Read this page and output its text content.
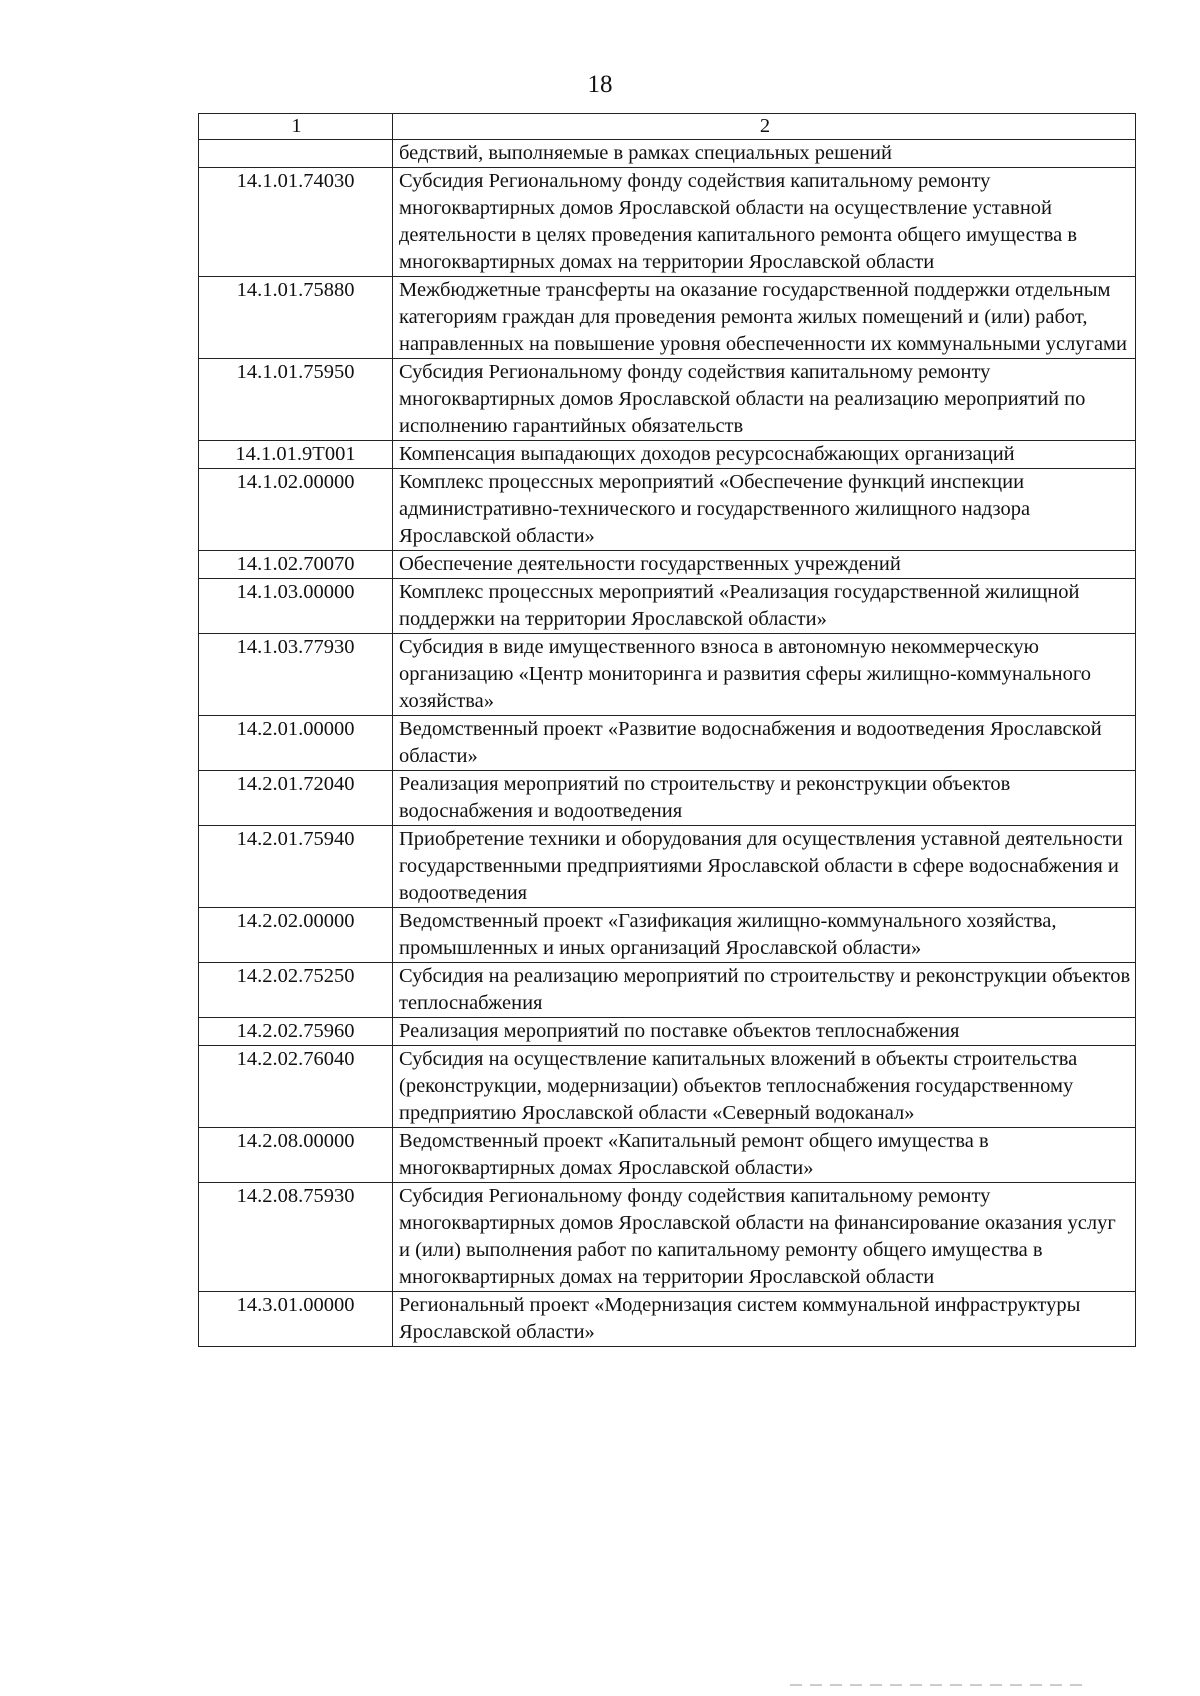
18
1	2
	бедствий, выполняемые в рамках специальных решений
14.1.01.74030	Субсидия Региональному фонду содействия капитальному ремонту многоквартирных домов Ярославской области на осуществление уставной деятельности в целях проведения капитального ремонта общего имущества в многоквартирных домах на территории Ярославской области
14.1.01.75880	Межбюджетные трансферты на оказание государственной поддержки отдельным категориям граждан для проведения ремонта жилых помещений и (или) работ, направленных на повышение уровня обеспеченности их коммунальными услугами
14.1.01.75950	Субсидия Региональному фонду содействия капитальному ремонту многоквартирных домов Ярославской области на реализацию мероприятий по исполнению гарантийных обязательств
14.1.01.9T001	Компенсация выпадающих доходов ресурсоснабжающих организаций
14.1.02.00000	Комплекс процессных мероприятий «Обеспечение функций инспекции административно-технического и государственного жилищного надзора Ярославской области»
14.1.02.70070	Обеспечение деятельности государственных учреждений
14.1.03.00000	Комплекс процессных мероприятий «Реализация государственной жилищной поддержки на территории Ярославской области»
14.1.03.77930	Субсидия в виде имущественного взноса в автономную некоммерческую организацию «Центр мониторинга и развития сферы жилищно-коммунального хозяйства»
14.2.01.00000	Ведомственный проект «Развитие водоснабжения и водоотведения Ярославской области»
14.2.01.72040	Реализация мероприятий по строительству и реконструкции объектов водоснабжения и водоотведения
14.2.01.75940	Приобретение техники и оборудования для осуществления уставной деятельности государственными предприятиями Ярославской области в сфере водоснабжения и водоотведения
14.2.02.00000	Ведомственный проект «Газификация жилищно-коммунального хозяйства, промышленных и иных организаций Ярославской области»
14.2.02.75250	Субсидия на реализацию мероприятий по строительству и реконструкции объектов теплоснабжения
14.2.02.75960	Реализация мероприятий по поставке объектов теплоснабжения
14.2.02.76040	Субсидия на осуществление капитальных вложений в объекты строительства (реконструкции, модернизации) объектов теплоснабжения государственному предприятию Ярославской области «Северный водоканал»
14.2.08.00000	Ведомственный проект «Капитальный ремонт общего имущества в многоквартирных домах Ярославской области»
14.2.08.75930	Субсидия Региональному фонду содействия капитальному ремонту многоквартирных домов Ярославской области на финансирование оказания услуг и (или) выполнения работ по капитальному ремонту общего имущества в многоквартирных домах на территории Ярославской области
14.3.01.00000	Региональный проект «Модернизация систем коммунальной инфраструктуры Ярославской области»
